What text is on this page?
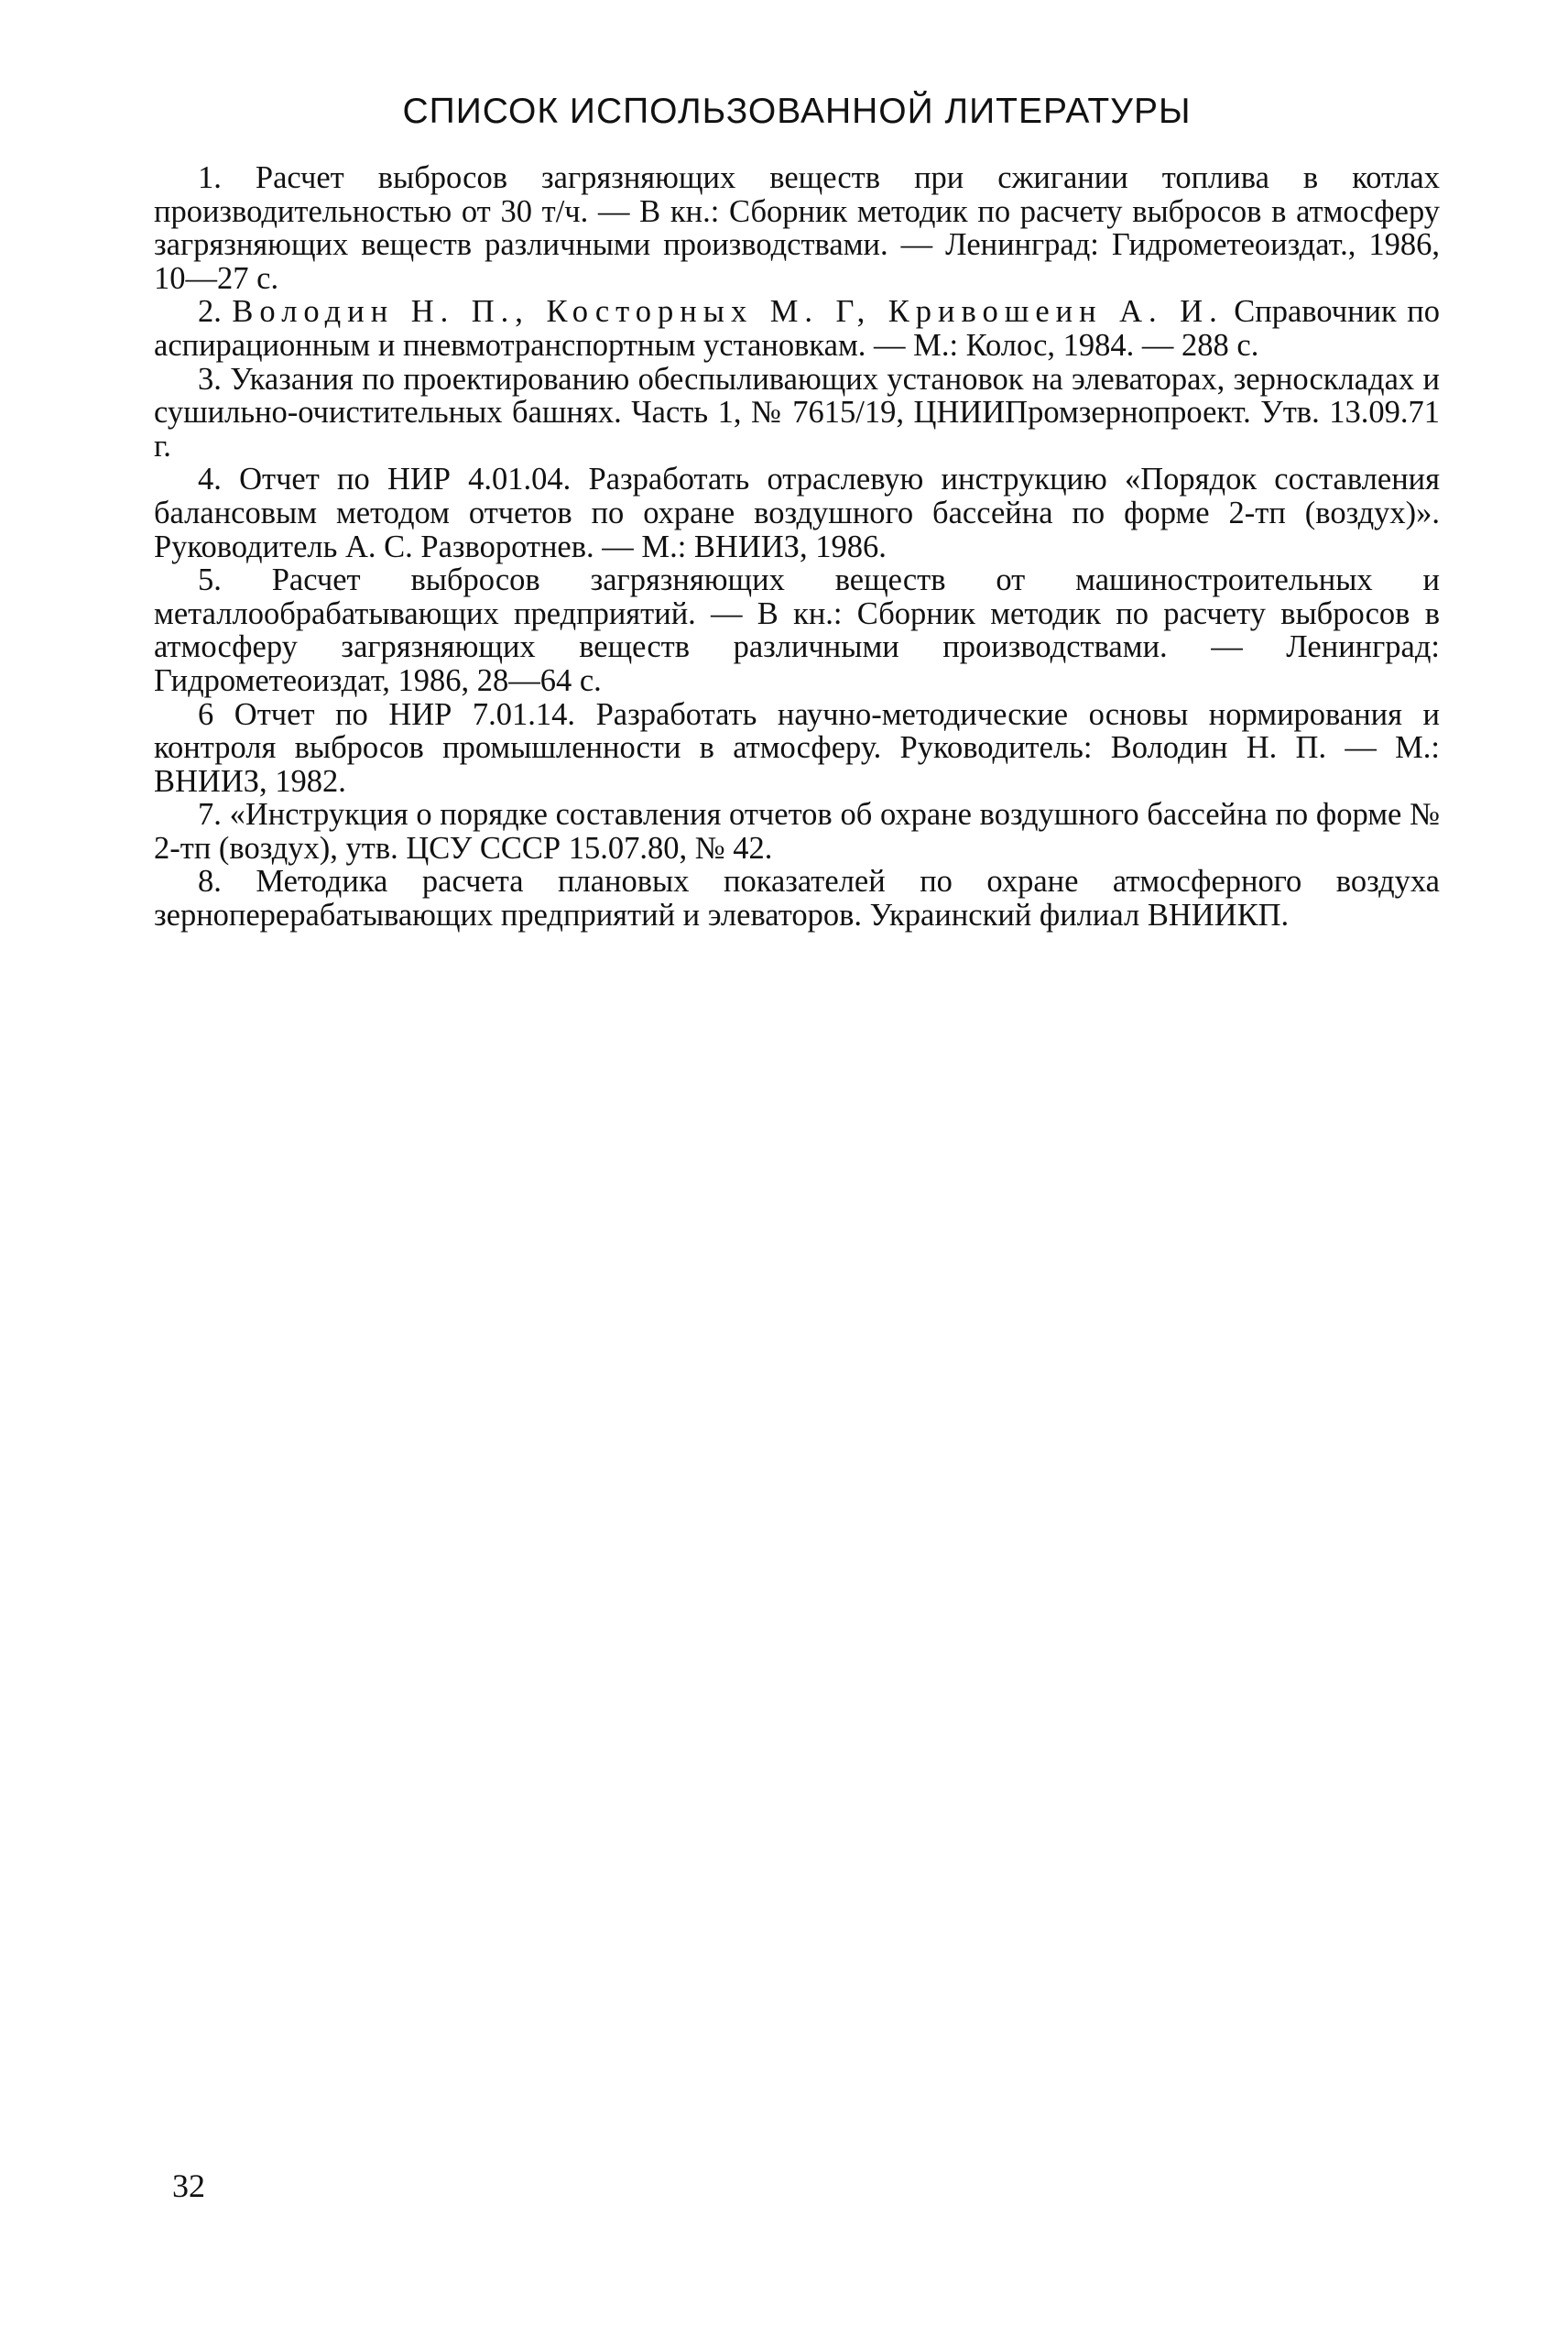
СПИСОК ИСПОЛЬЗОВАННОЙ ЛИТЕРАТУРЫ

1. Расчет выбросов загрязняющих веществ при сжигании топлива в котлах производительностью от 30 т/ч. — В кн.: Сборник методик по расчету выбросов в атмосферу загрязняющих веществ различными производствами. — Ленинград: Гидрометеоиздат., 1986, 10—27 с.

2. Володин Н. П., Косторных М. Г, Кривошеин А. И. Справочник по аспирационным и пневмотранспортным установкам. — М.: Колос, 1984. — 288 с.

3. Указания по проектированию обеспыливающих установок на элеваторах, зерноскладах и сушильно-очистительных башнях. Часть 1, № 7615/19, ЦНИИПромзернопроект. Утв. 13.09.71 г.

4. Отчет по НИР 4.01.04. Разработать отраслевую инструкцию «Порядок составления балансовым методом отчетов по охране воздушного бассейна по форме 2-тп (воздух)». Руководитель А. С. Разворотнев. — М.: ВНИИЗ, 1986.

5. Расчет выбросов загрязняющих веществ от машиностроительных и металлообрабатывающих предприятий. — В кн.: Сборник методик по расчету выбросов в атмосферу загрязняющих веществ различными производствами. — Ленинград: Гидрометеоиздат, 1986, 28—64 с.

6 Отчет по НИР 7.01.14. Разработать научно-методические основы нормирования и контроля выбросов промышленности в атмосферу. Руководитель: Володин Н. П. — М.: ВНИИЗ, 1982.

7. «Инструкция о порядке составления отчетов об охране воздушного бассейна по форме № 2-тп (воздух), утв. ЦСУ СССР 15.07.80, № 42.

8. Методика расчета плановых показателей по охране атмосферного воздуха зерноперерабатывающих предприятий и элеваторов. Украинский филиал ВНИИКП.

32
